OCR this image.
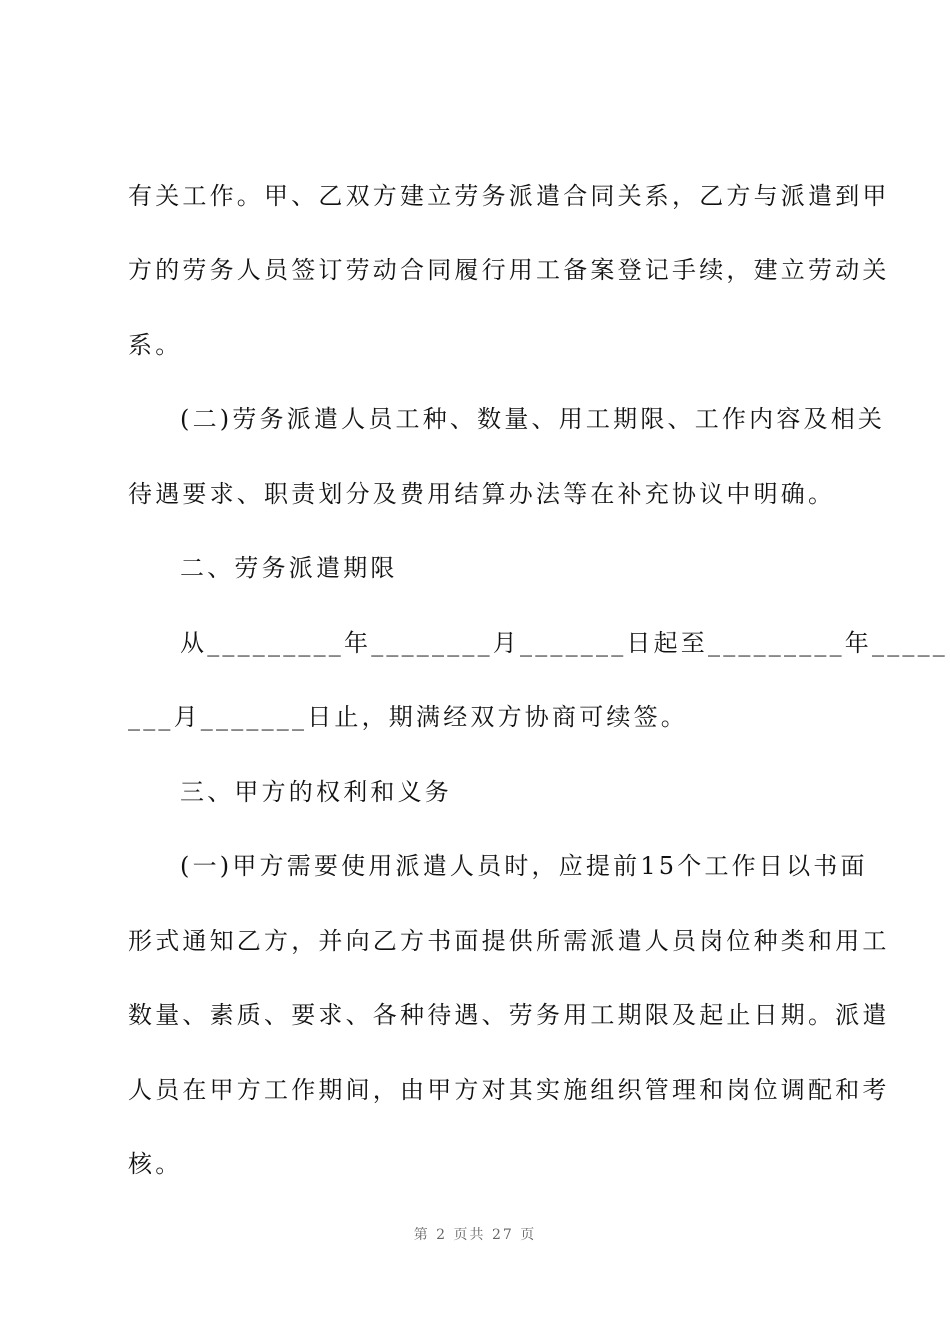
有关工作。甲、乙双方建立劳务派遣合同关系，乙方与派遣到甲
方的劳务人员签订劳动合同履行用工备案登记手续，建立劳动关
系。
(二)劳务派遣人员工种、数量、用工期限、工作内容及相关
待遇要求、职责划分及费用结算办法等在补充协议中明确。
二、劳务派遣期限
从_________年________月_______日起至_________年_____
___月_______日止，期满经双方协商可续签。
三、甲方的权利和义务
(一)甲方需要使用派遣人员时，应提前15个工作日以书面
形式通知乙方，并向乙方书面提供所需派遣人员岗位种类和用工
数量、素质、要求、各种待遇、劳务用工期限及起止日期。派遣
人员在甲方工作期间，由甲方对其实施组织管理和岗位调配和考
核。
第 2 页共 27 页
